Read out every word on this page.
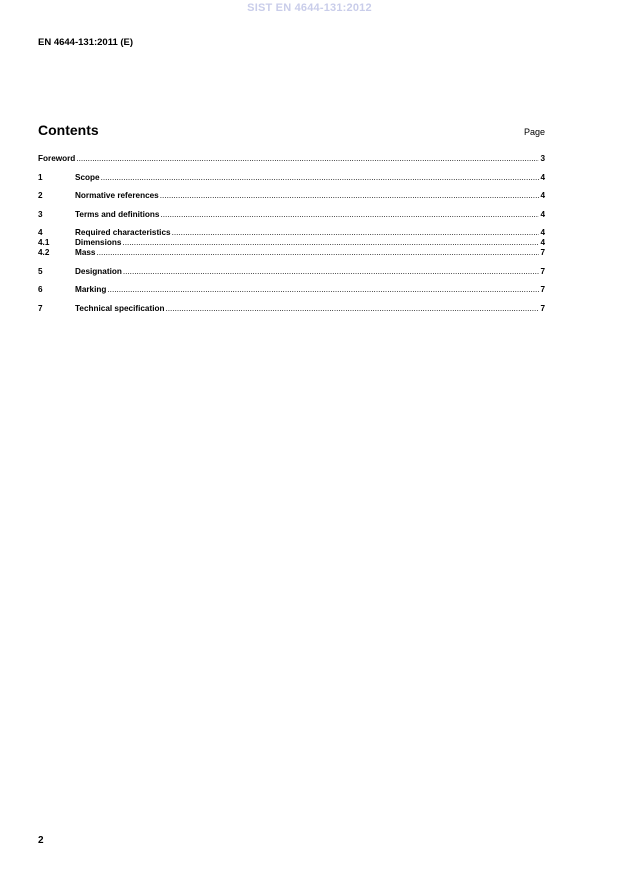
SIST EN 4644-131:2012
EN 4644-131:2011 (E)
Contents	Page
Foreword .....	3
1	Scope .....	4
2	Normative references .....	4
3	Terms and definitions .....	4
4	Required characteristics .....	4
4.1	Dimensions .....	4
4.2	Mass .....	7
5	Designation .....	7
6	Marking .....	7
7	Technical specification .....	7
2
